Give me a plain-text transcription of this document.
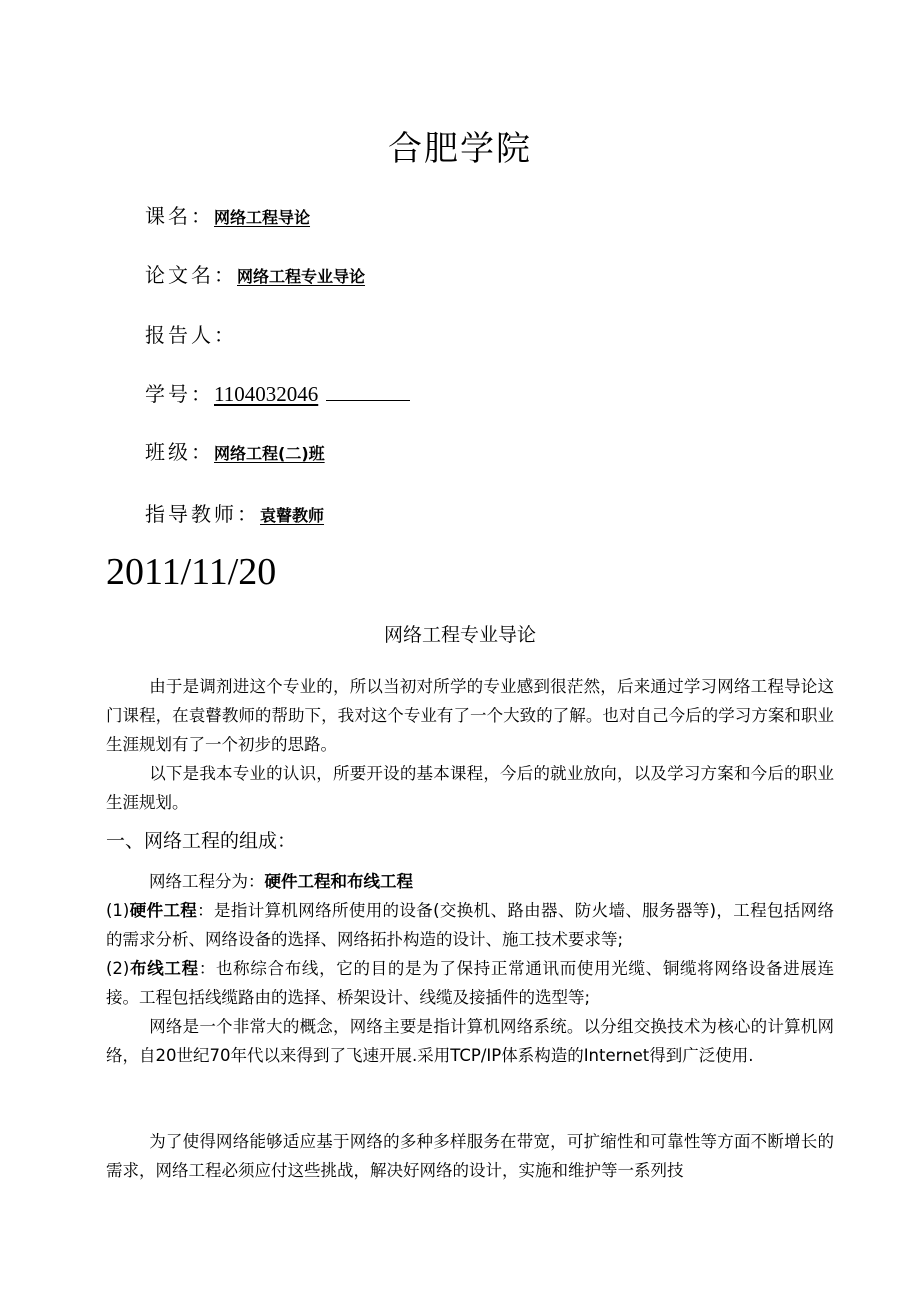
合肥学院
课名：网络工程导论
论文名：网络工程专业导论
报告人：
学号：1104032046
班级：网络工程(二)班
指导教师：袁瞽教师
2011/11/20
网络工程专业导论
由于是调剂进这个专业的，所以当初对所学的专业感到很茫然，后来通过学习网络工程导论这门课程，在袁瞽教师的帮助下，我对这个专业有了一个大致的了解。也对自己今后的学习方案和职业生涯规划有了一个初步的思路。
以下是我本专业的认识，所要开设的基本课程，今后的就业放向，以及学习方案和今后的职业生涯规划。
一、网络工程的组成：
网络工程分为：硬件工程和布线工程
(1)硬件工程：是指计算机网络所使用的设备(交换机、路由器、防火墙、服务器等)，工程包括网络的需求分析、网络设备的选择、网络拓扑构造的设计、施工技术要求等;
(2)布线工程：也称综合布线，它的目的是为了保持正常通讯而使用光缆、铜缆将网络设备进展连接。工程包括线缆路由的选择、桥架设计、线缆及接插件的选型等;
网络是一个非常大的概念，网络主要是指计算机网络系统。以分组交换技术为核心的计算机网络，自20世纪70年代以来得到了飞速开展.采用TCP/IP体系构造的Internet得到广泛使用.
为了使得网络能够适应基于网络的多种多样服务在带宽，可扩缩性和可靠性等方面不断增长的需求，网络工程必须应付这些挑战，解决好网络的设计，实施和维护等一系列技
